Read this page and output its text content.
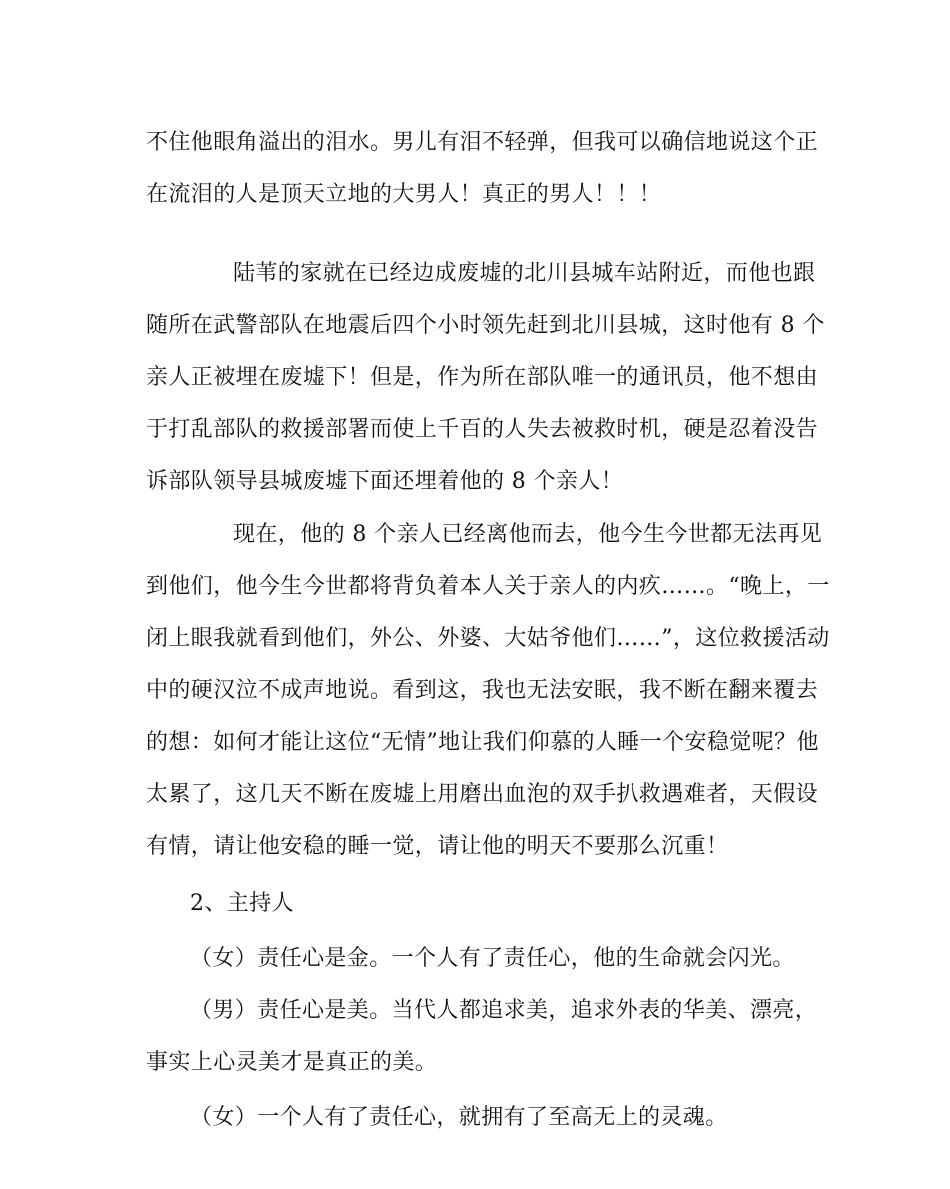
不住他眼角溢出的泪水。男儿有泪不轻弹，但我可以确信地说这个正
在流泪的人是顶天立地的大男人！真正的男人！！！
陆苇的家就在已经边成废墟的北川县城车站附近，而他也跟
随所在武警部队在地震后四个小时领先赶到北川县城，这时他有 8 个
亲人正被埋在废墟下！但是，作为所在部队唯一的通讯员，他不想由
于打乱部队的救援部署而使上千百的人失去被救时机，硬是忍着没告
诉部队领导县城废墟下面还埋着他的 8 个亲人！
现在，他的 8 个亲人已经离他而去，他今生今世都无法再见
到他们，他今生今世都将背负着本人关于亲人的内疚……。“晚上，一
闭上眼我就看到他们，外公、外婆、大姑爷他们……”，这位救援活动
中的硬汉泣不成声地说。看到这，我也无法安眠，我不断在翻来覆去
的想：如何才能让这位“无情”地让我们仰慕的人睡一个安稳觉呢？他
太累了，这几天不断在废墟上用磨出血泡的双手扒救遇难者，天假设
有情，请让他安稳的睡一觉，请让他的明天不要那么沉重！
2、主持人
（女）责任心是金。一个人有了责任心，他的生命就会闪光。
（男）责任心是美。当代人都追求美，追求外表的华美、漂亮，
事实上心灵美才是真正的美。
（女）一个人有了责任心，就拥有了至高无上的灵魂。
